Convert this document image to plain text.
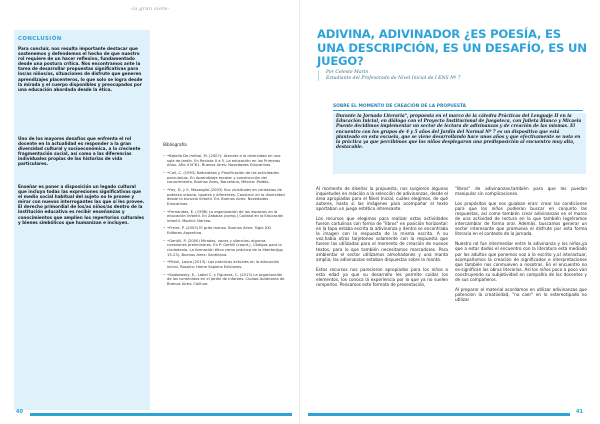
-la gran siete-
CONCLUSIÓN
Para concluir, nos resulta importante destacar que sostenemos y defendemos el hecho de que nuestro rol requiere de un hacer reflexivo, fundamentado desde una postura crítica. Nos encontramos ante la tarea de desarrollar propuestas significativas para los/as niños/as, situaciones de disfrute que generen aprendizajes placenteros, lo que solo se logra desde la mirada y el cuerpo disponibles y preocupados por una educación abordada desde la ética.
Uno de los mayores desafíos que enfrenta el rol docente en la actualidad es responder a la gran diversidad cultural y socioeconómica, a la creciente fragmentación social, así como a las diferencias individuales propias de las historias de vida particulares.
Enseñar es poner a disposición un legado cultural que incluya todas las expresiones significativas que el medio social habitual del sujeto no le provee y mirar con nuevos interrogantes las que sí les provee. El derecho primordial de los/as niños/as dentro de la institución educativa es recibir enseñanzas y conocimientos que amplíen los repertorios culturales y bienes simbólicos que humanizan e incluyen.
Bibliografía
• •Batalla De Imthal, M. (2007): Atender a la diversidad en una sala de jardín. En Revista 0 a 5. La educación en los Primeros Años. Año 4 N°61. Buenos Aires: Novedades Educativas.
• •Coll, C. (1993) Naturaleza y Planificación de las actividades parvularias. En Aprendizaje escolar y construcción del conocimiento. Buenos Aires, Barcelona, México: Paidós.
• •Fay, D. y S. Mazzaglia (2003) Sus vicisitudes en contextos de pobreza urbana. Iguales y diferentes. Construir en la diversidad desde la escuela infantil. Ed. Buenos Aires: Novedades Educativas.
• •Fernandez, E. (1998) La organización de los espacios en la educación infantil. En Zabalza (comp.) Calidad en la Educación infantil. Madrid: Narcea.
• •Freire, P. (2003) El grito manso. Buenos Aires: Siglo XXI Editores Argentina.
• •Gentili, P. (2000) Miradas, voces y silencios: algunas cuestiones preliminares. En P. Gentili (coord.), Códigos para la ciudadanía. La formación ética como práctica de la libertad(pp 15-23). Buenos Aires: Santillana.
• •Pitluk, Laura (2013): Las prácticas actuales en la educación inicial. Rosario: Homo Sapiens Ediciones.
• •Spakowsky, E., Label C. y Figueras, C. (2013) La organización de los contenidos en el Jardín de Infantes. Ciudad Autónoma de Buenos Aires: Colihue.
40
ADIVINA, ADIVINADOR ¿ES POESÍA, ES UNA DESCRIPCIÓN, ES UN DESAFÍO, ES UN JUEGO?
Por Celeste Marin
Estudiante del Profesorado de Nivel Inicial de I ENS Nº 7
SOBRE EL MOMENTO DE CREACIÓN DE LA PROPUESTA
Durante la Jornada Literaria", propuesta en el marco de la cátedra Prácticas del Lenguaje II en la Educación Inicial, en diálogo con el Proyecto Institucional de Juegoteca, con Julieta Blanco y Micaela Puente decidimos implementar un sector de lectura de adivinanzas y de creación de las mismas. El encuentro con los grupos de 4 y 5 años del Jardín del Normal Nº 7 es un dispositivo que está planteado en esta escuela, que se viene desarrollando hace unos años y que efectivamente se nota en la práctica ya que percibimos que los niños desplegaron una predisposición al encuentro muy alta, destacable.

Al momento de diseñar la propuesta, nos surgieron algunas inquietudes en relación a la selección de adivinanzas, desde el área apropiadas para el Nivel Inicial, cuáles elegimos, de qué autores, hasta si las imágenes para acompañar el texto aportaban un juego estético interesante.

Los recursos que elegimos para realizar estas actividades fueron cartulinas con forma de "libros" en posición horizontal: en la tapa estaba escrita la adivinanza y dentro se encontraba la imagen con la respuesta de la misma escrita. A su vez,había otros tarjetones solamente con la respuesta que fueron las utilizadas para el momento de creación de nuevos textos, para lo que también necesitamos marcadores. Para ambientar el sector utilizamos almohadones y una manta amplia; las adivinanzas estaban dispuestas sobre la manta.

Estos recursos nos parecieron apropiados para los niños a esta edad ya que su desarrollo les permite cuidar los elementos, los conoca la experiencia por lo que ya no suelen romperlos. Pensamos este formato de presentación,

"libros" de adivinanzas,también para que les puedan manipular sin complicaciones.

Los propósitos que nos guiaban eran: crear las condiciones para que los niños pudieran buscar en conjunto las respuestas, así como también crear adivinanzas en el marco de una actividad de lectura en la que también logréramos intercambiar de forma oral. Además, buscamos generar un sector interesante que promueva el disfrute por esta forma literaria en el contexto de la jornada.

Nuestro rol fue intermediar entre la adivinanza y los niños,ya que a estar dados el encuentro con la literatura está mediado por los adultos que ponemos voz a lo escrito y,al interactuar, acompañamos la creación de significados e interpretaciones que también nos conmueven a nosotras. En el encuentro no es-significan las obras literarias. Así los niños poco a poco van construyendo su subjetividad en compañía de los docentes y de sus compañeros.

Al preparar el material acordamos en utilizar adivinanzas que potencien la creatividad, "no caer" en lo estereotipado no utilizar

41
